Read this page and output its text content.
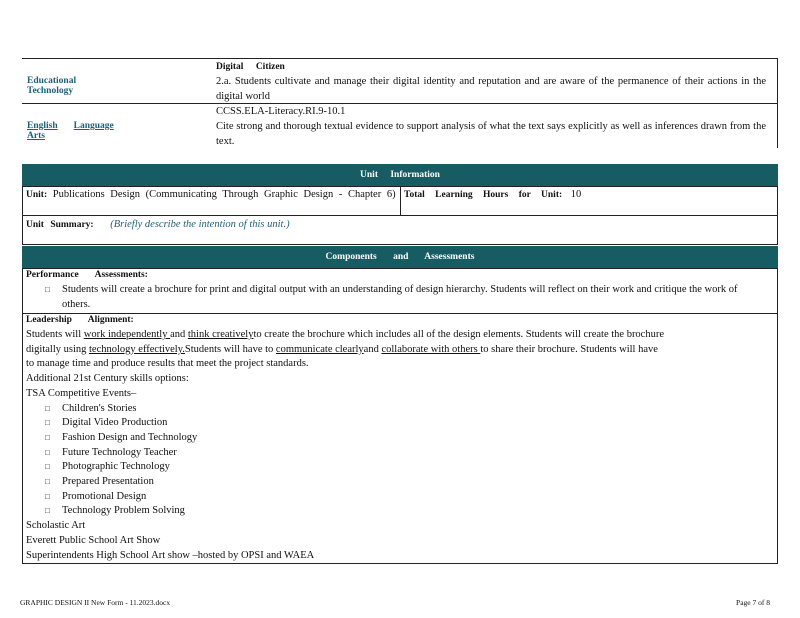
EducationalTechnology
Digital Citizen
2.a. Students cultivate and manage their digital identity and reputation and are aware of the permanence of their actions in the digital world
English LanguageArts
CCSS.ELA-Literacy.RI.9-10.1
Cite strong and thorough textual evidence to support analysis of what the text says explicitly as well as inferences drawn from the text.
Unit Information
Unit: Publications Design (Communicating Through Graphic Design - Chapter 6) Total Learning Hours for Unit: 10
Unit Summary: (Briefly describe the intention of this unit.)
Components and Assessments
Performance Assessments:
□ Students will create a brochure for print and digital output with an understanding of design hierarchy. Students will reflect on their work and critique the work of others.
Leadership Alignment:
Students will work independently and think creativelyto create the brochure which includes all of the design elements. Students will create the brochure
digitally using technology effectively.Students will have to communicate clearlyand collaborate with others to share their brochure. Students will have
to manage time and produce results that meet the project standards.
Additional 21st Century skills options:
TSA Competitive Events–
□ Children's Stories
□ Digital Video Production
□ Fashion Design and Technology
□ Future Technology Teacher
□ Photographic Technology
□ Prepared Presentation
□ Promotional Design
□ Technology Problem Solving
Scholastic Art
Everett Public School Art Show
Superintendents High School Art show –hosted by OPSI and WAEA
GRAPHIC DESIGN II New Form - 11.2023.docx	Page 7 of 8
